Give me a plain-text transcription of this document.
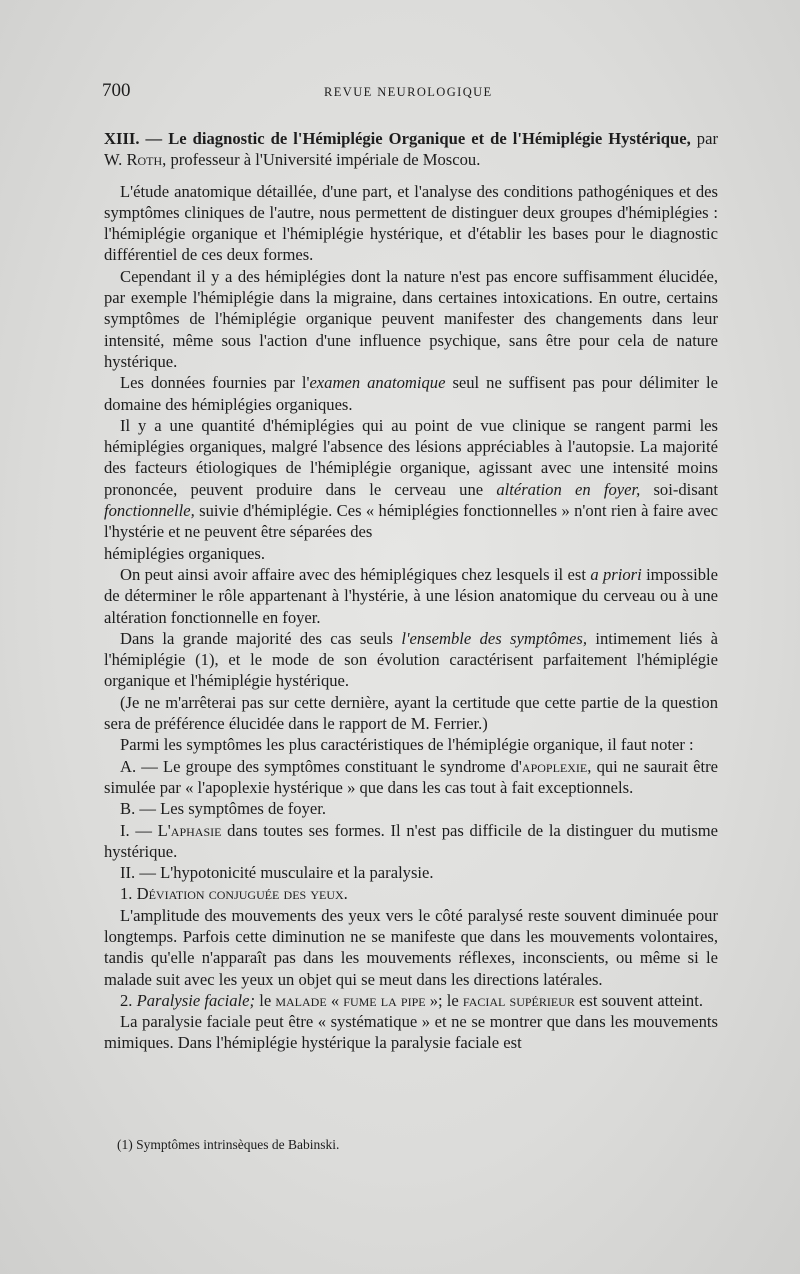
700	REVUE NEUROLOGIQUE
XIII. — Le diagnostic de l'Hémiplégie Organique et de l'Hémiplégie Hystérique, par W. Roth, professeur à l'Université impériale de Moscou.

L'étude anatomique détaillée, d'une part, et l'analyse des conditions pathogéniques et des symptômes cliniques de l'autre, nous permettent de distinguer deux groupes d'hémiplégies : l'hémiplégie organique et l'hémiplégie hystérique, et d'établir les bases pour le diagnostic différentiel de ces deux formes.

Cependant il y a des hémiplégies dont la nature n'est pas encore suffisamment élucidée, par exemple l'hémiplégie dans la migraine, dans certaines intoxications. En outre, certains symptômes de l'hémiplégie organique peuvent manifester des changements dans leur intensité, même sous l'action d'une influence psychique, sans être pour cela de nature hystérique.

Les données fournies par l'examen anatomique seul ne suffisent pas pour délimiter le domaine des hémiplégies organiques.

Il y a une quantité d'hémiplégies qui au point de vue clinique se rangent parmi les hémiplégies organiques, malgré l'absence des lésions appréciables à l'autopsie. La majorité des facteurs étiologiques de l'hémiplégie organique, agissant avec une intensité moins prononcée, peuvent produire dans le cerveau une altération en foyer, soi-disant fonctionnelle, suivie d'hémiplégie. Ces « hémiplégies fonctionnelles » n'ont rien à faire avec l'hystérie et ne peuvent être séparées des

hémiplégies organiques.

On peut ainsi avoir affaire avec des hémiplégiques chez lesquels il est a priori impossible de déterminer le rôle appartenant à l'hystérie, à une lésion anatomique du cerveau ou à une altération fonctionnelle en foyer.

Dans la grande majorité des cas seuls l'ensemble des symptômes, intimement liés à l'hémiplégie (1), et le mode de son évolution caractérisent parfaitement l'hémiplégie organique et l'hémiplégie hystérique.

(Je ne m'arrêterai pas sur cette dernière, ayant la certitude que cette partie de la question sera de préférence élucidée dans le rapport de M. Ferrier.)

Parmi les symptômes les plus caractéristiques de l'hémiplégie organique, il faut noter :

A. — Le groupe des symptômes constituant le syndrome d'apoplexie, qui ne saurait être simulée par « l'apoplexie hystérique » que dans les cas tout à fait exceptionnels.

B. — Les symptômes de foyer.

I. — L'aphasie dans toutes ses formes. Il n'est pas difficile de la distinguer du mutisme hystérique.

II. — L'hypotonicité musculaire et la paralysie.

1. Déviation conjuguée des yeux.

L'amplitude des mouvements des yeux vers le côté paralysé reste souvent diminuée pour longtemps. Parfois cette diminution ne se manifeste que dans les mouvements volontaires, tandis qu'elle n'apparaît pas dans les mouvements réflexes, inconscients, ou même si le malade suit avec les yeux un objet qui se meut dans les directions latérales.

2. Paralysie faciale; le malade « fume la pipe »; le facial supérieur est souvent atteint.

La paralysie faciale peut être « systématique » et ne se montrer que dans les mouvements mimiques. Dans l'hémiplégie hystérique la paralysie faciale est

(1) Symptômes intrinsèques de Babinski.
